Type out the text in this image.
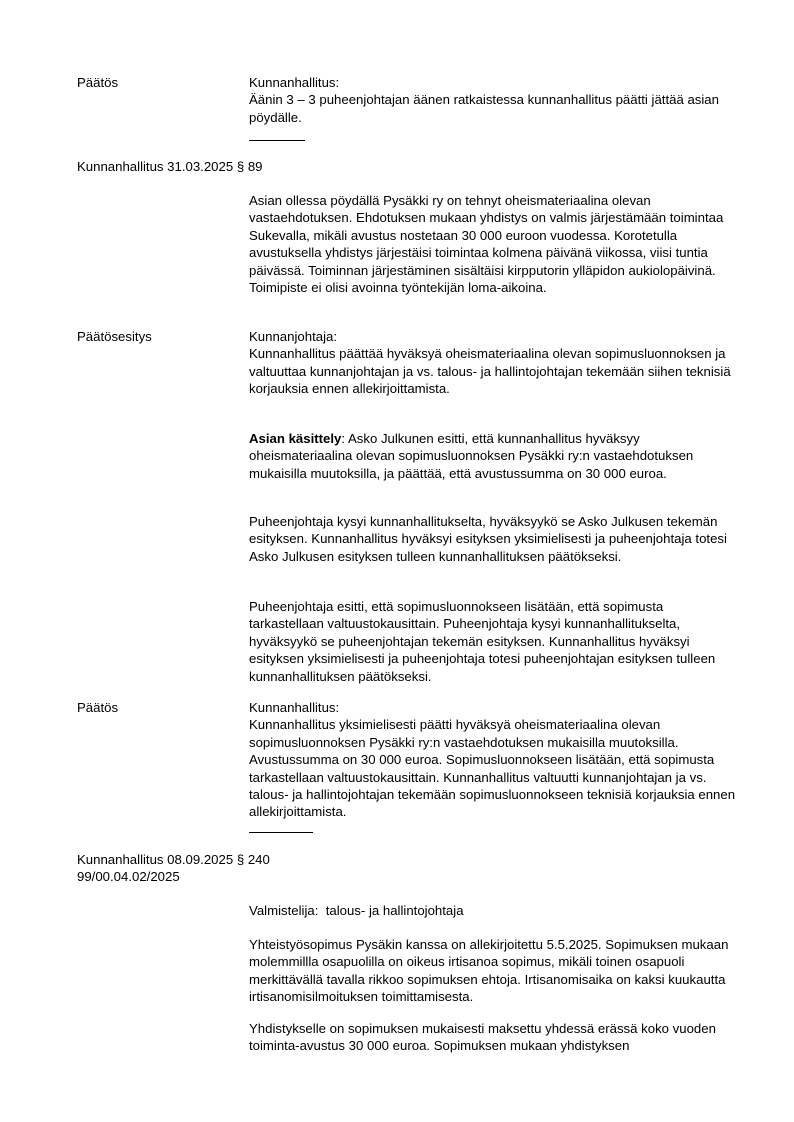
Päätös	Kunnanhallitus:

Äänin 3 – 3 puheenjohtajan äänen ratkaistessa kunnanhallitus päätti jättää asian pöydälle.

Kunnanhallitus 31.03.2025 § 89
Asian ollessa pöydällä Pysäkki ry on tehnyt oheismateriaalina olevan vastaehdotuksen. Ehdotuksen mukaan yhdistys on valmis järjestämään toimintaa Sukevalla, mikäli avustus nostetaan 30 000 euroon vuodessa. Korotetulla avustuksella yhdistys järjestäisi toimintaa kolmena päivänä viikossa, viisi tuntia päivässä. Toiminnan järjestäminen sisältäisi kirpputorin ylläpidon aukiolopäivinä. Toimipiste ei olisi avoinna työntekijän loma-aikoina.
Päätösesitys	Kunnanjohtaja:

Kunnanhallitus päättää hyväksyä oheismateriaalina olevan sopimusluonnoksen ja valtuuttaa kunnanjohtajan ja vs. talous- ja hallintojohtajan tekemään siihen teknisiä korjauksia ennen allekirjoittamista.

Asian käsittely: Asko Julkunen esitti, että kunnanhallitus hyväksyy oheismateriaalina olevan sopimusluonnoksen Pysäkki ry:n vastaehdotuksen mukaisilla muutoksilla, ja päättää, että avustussumma on 30 000 euroa.
Puheenjohtaja kysyi kunnanhallitukselta, hyväksyykö se Asko Julkusen tekemän esityksen. Kunnanhallitus hyväksyi esityksen yksimielisesti ja puheenjohtaja totesi Asko Julkusen esityksen tulleen kunnanhallituksen päätökseksi.
Puheenjohtaja esitti, että sopimusluonnokseen lisätään, että sopimusta tarkastellaan valtuustokausittain. Puheenjohtaja kysyi kunnanhallitukselta, hyväksyykö se puheenjohtajan tekemän esityksen. Kunnanhallitus hyväksyi esityksen yksimielisesti ja puheenjohtaja totesi puheenjohtajan esityksen tulleen kunnanhallituksen päätökseksi.
Päätös	Kunnanhallitus:

Kunnanhallitus yksimielisesti päätti hyväksyä oheismateriaalina olevan sopimusluonnoksen Pysäkki ry:n vastaehdotuksen mukaisilla muutoksilla. Avustussumma on 30 000 euroa. Sopimusluonnokseen lisätään, että sopimusta tarkastellaan valtuustokausittain. Kunnanhallitus valtuutti kunnanjohtajan ja vs. talous- ja hallintojohtajan tekemään sopimusluonnokseen teknisiä korjauksia ennen allekirjoittamista.

Kunnanhallitus 08.09.2025 § 240
99/00.04.02/2025
Valmistelija:  talous- ja hallintojohtaja
Yhteistyösopimus Pysäkin kanssa on allekirjoitettu 5.5.2025. Sopimuksen mukaan molemmillla osapuolilla on oikeus irtisanoa sopimus, mikäli toinen osapuoli merkittävällä tavalla rikkoo sopimuksen ehtoja. Irtisanomisaika on kaksi kuukautta irtisanomisilmoituksen toimittamisesta.
Yhdistykselle on sopimuksen mukaisesti maksettu yhdessä erässä koko vuoden toiminta-avustus 30 000 euroa. Sopimuksen mukaan yhdistyksen
